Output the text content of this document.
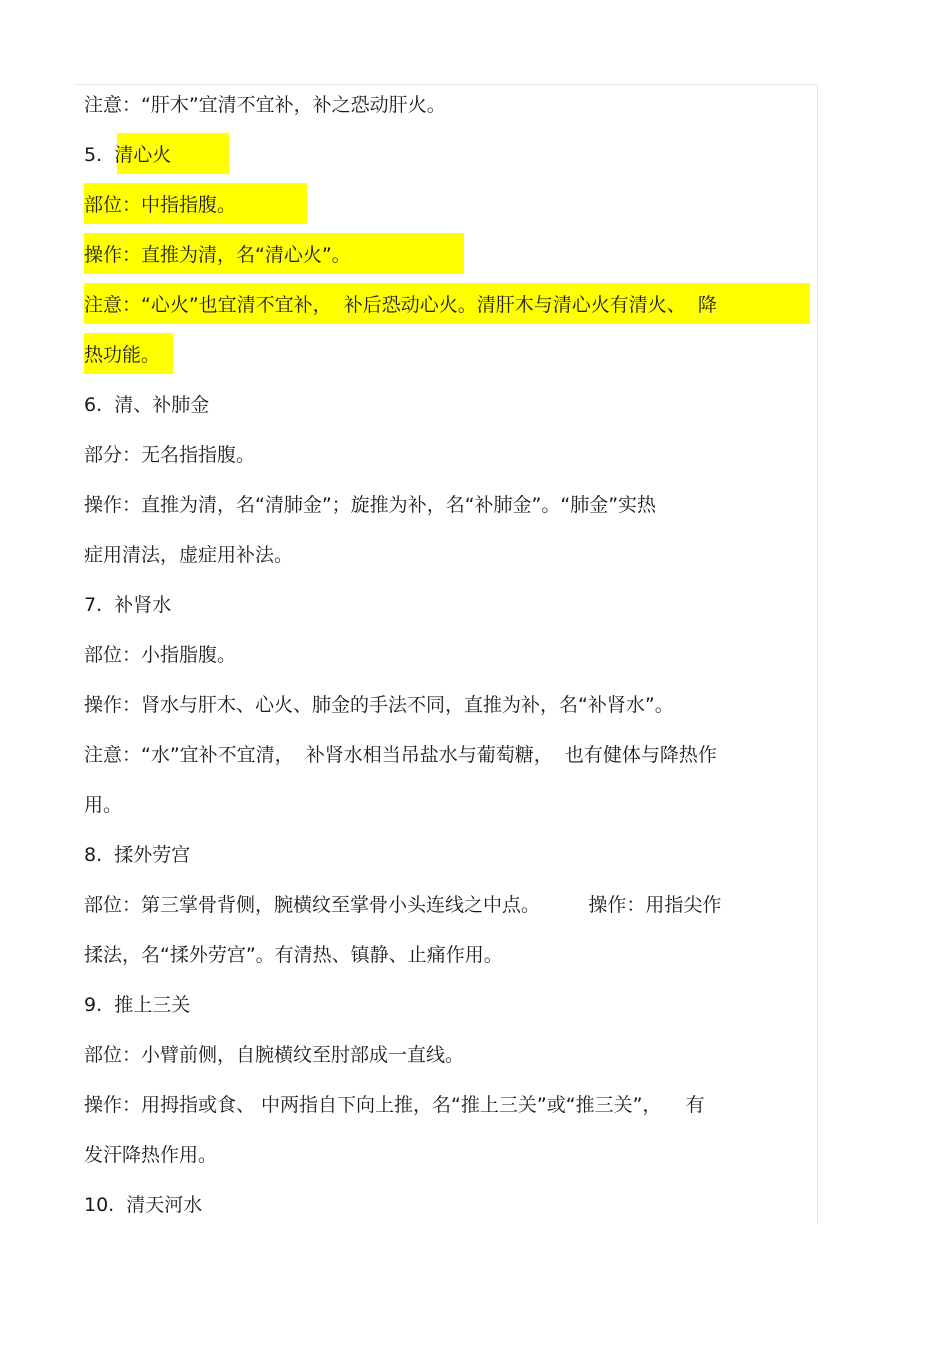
注意：“肝木”宜清不宜补，补之恐动肝火。
5.  清心火
部位：中指指腹。
操作：直推为清，名“清心火”。
注意：“心火”也宜清不宜补，  补后恐动心火。清肝木与清心火有清火、  降
热功能。
6.  清、补肺金
部分：无名指指腹。
操作：直推为清，名“清肺金”；旋推为补，名“补肺金”。“肺金”实热
症用清法，虚症用补法。
7.  补肾水
部位：小指脂腹。
操作：肾水与肝木、心火、肺金的手法不同，直推为补，名“补肾水”。
注意：“水”宜补不宜清，  补肾水相当吊盐水与葡萄糖，  也有健体与降热作
用。
8.  揉外劳宫
部位：第三掌骨背侧，腕横纹至掌骨小头连线之中点。        操作：用指尖作
揉法，名“揉外劳宫”。有清热、镇静、止痛作用。
9.  推上三关
部位：小臂前侧，自腕横纹至肘部成一直线。
操作：用拇指或食、 中两指自下向上推，名“推上三关”或“推三关”，    有
发汗降热作用。
10.  清天河水
